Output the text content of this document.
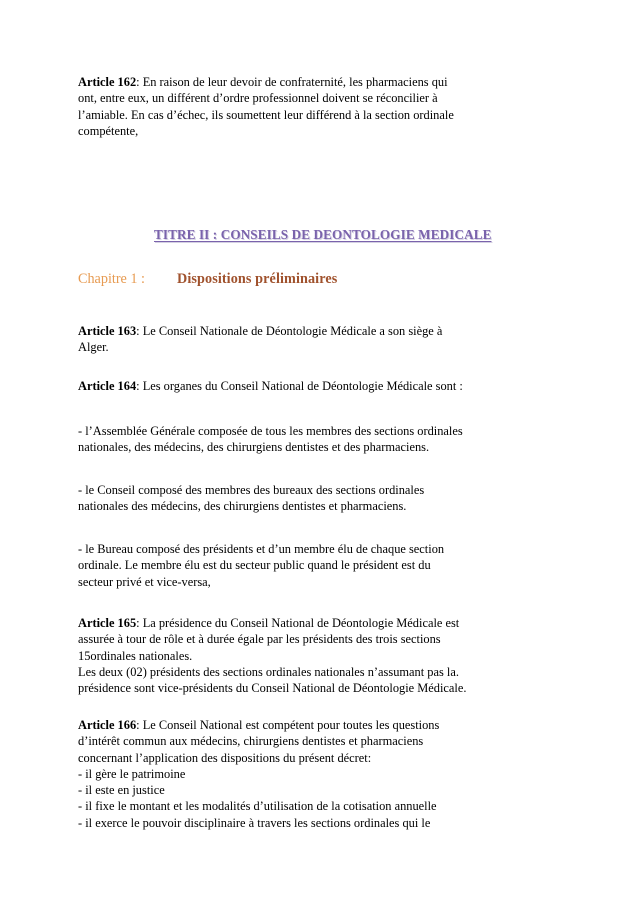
Article 162: En raison de leur devoir de confraternité, les pharmaciens qui
ont, entre eux, un différent d’ordre professionnel doivent se réconcilier à
l’amiable. En cas d’échec, ils soumettent leur différend à la section ordinale
compétente,
Article 163: Le Conseil Nationale de Déontologie Médicale a son siège à
Alger.
Article 164: Les organes du Conseil National de Déontologie Médicale sont :
- l’Assemblée Générale composée de tous les membres des sections ordinales
nationales, des médecins, des chirurgiens dentistes et des pharmaciens.
- le Conseil composé des membres des bureaux des sections ordinales
nationales des médecins, des chirurgiens dentistes et pharmaciens.
- le Bureau composé des présidents et d’un membre élu de chaque section
ordinale. Le membre élu est du secteur public quand le président est du
secteur privé et vice-versa,
Article 165: La présidence du Conseil National de Déontologie Médicale est
assurée à tour de rôle et à durée égale par les présidents des trois sections
15ordinales nationales.
Les deux (02) présidents des sections ordinales nationales n’assumant pas la.
présidence sont vice-présidents du Conseil National de Déontologie Médicale.
Article 166: Le Conseil National est compétent pour toutes les questions
d’intérêt commun aux médecins, chirurgiens dentistes et pharmaciens
concernant l’application des dispositions du présent décret:
- il gère le patrimoine
- il este en justice
- il fixe le montant et les modalités d’utilisation de la cotisation annuelle
- il exerce le pouvoir disciplinaire à travers les sections ordinales qui le
TITRE II : CONSEILS DE DEONTOLOGIE MEDICALE
Chapitre 1 : Dispositions préliminaires
